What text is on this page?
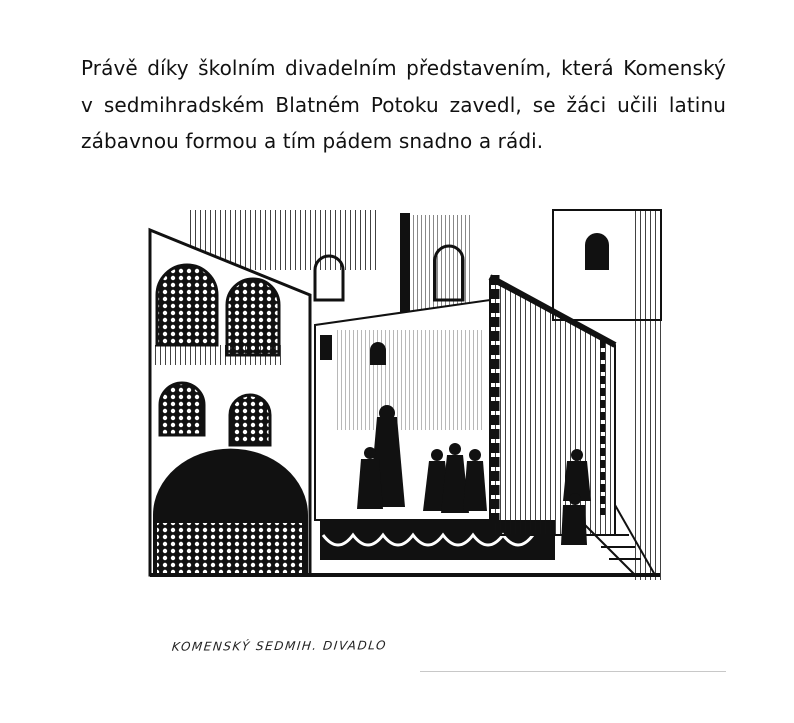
Právě díky školním divadelním představením, která Komenský v sedmihradském Blatném Potoku zavedl, se žáci učili latinu zábavnou formou a tím pádem snadno a rádi.

KOMENSKÝ SEDMIH. DIVADLO
